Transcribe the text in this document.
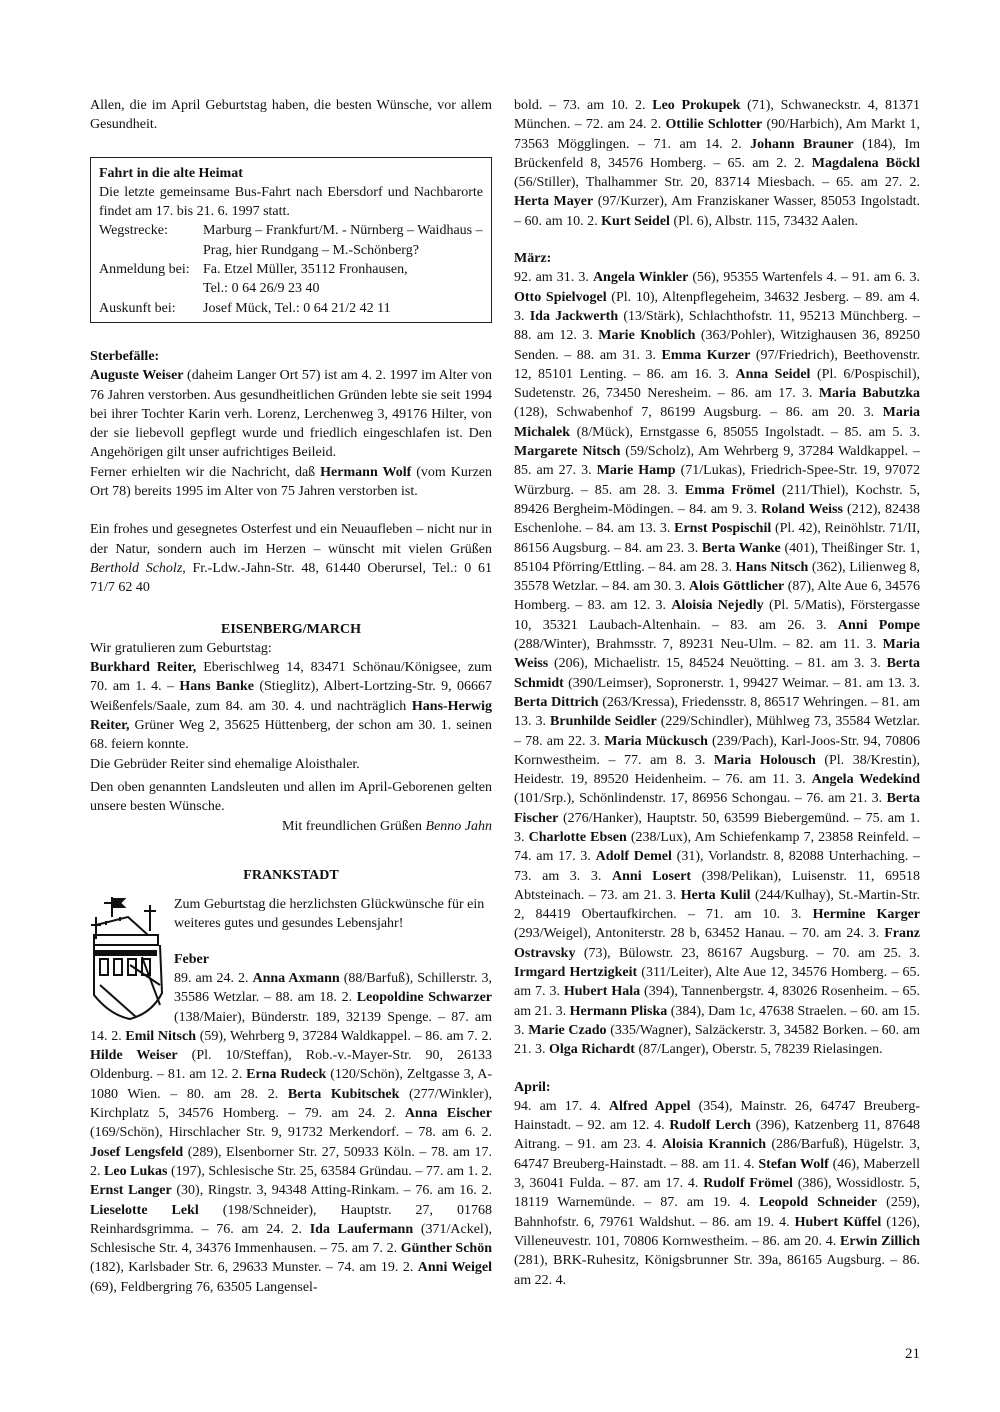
Allen, die im April Geburtstag haben, die besten Wünsche, vor allem Gesundheit.

Fahrt in die alte Heimat

Die letzte gemeinsame Bus-Fahrt nach Ebersdorf und Nachbarorte findet am 17. bis 21. 6. 1997 statt.

Wegstrecke:	Marburg – Frankfurt/M. - Nürnberg – Waidhaus – Prag, hier Rundgang – M.-Schönberg?
Anmeldung bei: Fa. Etzel Müller, 35112 Fronhausen,
Tel.: 0 64 26/9 23 40
Auskunft bei:	Josef Mück, Tel.: 0 64 21/2 42 11

Sterbefälle:

Auguste Weiser (daheim Langer Ort 57) ist am 4. 2. 1997 im Alter von 76 Jahren verstorben. Aus gesundheitlichen Gründen lebte sie seit 1994 bei ihrer Tochter Karin verh. Lorenz, Lerchenweg 3, 49176 Hilter, von der sie liebevoll gepflegt wurde und friedlich eingeschlafen ist. Den Angehörigen gilt unser aufrichtiges Beileid.

Ferner erhielten wir die Nachricht, daß Hermann Wolf (vom Kurzen Ort 78) bereits 1995 im Alter von 75 Jahren verstorben ist.

Ein frohes und gesegnetes Osterfest und ein Neuaufleben – nicht nur in der Natur, sondern auch im Herzen – wünscht mit vielen Grüßen Berthold Scholz, Fr.-Ldw.-Jahn-Str. 48, 61440 Oberursel, Tel.: 0 61 71/7 62 40

EISENBERG/MARCH

Wir gratulieren zum Geburtstag:

Burkhard Reiter, Eberischlweg 14, 83471 Schönau/Königsee, zum 70. am 1. 4. – Hans Banke (Stieglitz), Albert-Lortzing-Str. 9, 06667 Weißenfels/Saale, zum 84. am 30. 4. und nachträglich Hans-Herwig Reiter, Grüner Weg 2, 35625 Hüttenberg, der schon am 30. 1. seinen 68. feiern konnte.

Die Gebrüder Reiter sind ehemalige Aloisthaler.

Den oben genannten Landsleuten und allen im April-Geborenen gelten unsere besten Wünsche.

Mit freundlichen Grüßen Benno Jahn

FRANKSTADT

Zum Geburtstag die herzlichsten Glückwünsche für ein weiteres gutes und gesundes Lebensjahr!

Feber

89. am 24. 2. Anna Axmann (88/Barfuß), Schillerstr. 3, 35586 Wetzlar. – 88. am 18. 2. Leopoldine Schwarzer (138/Maier), Bünderstr. 189, 32139 Spenge. – 87. am 14. 2. Emil Nitsch (59), Wehrberg 9, 37284 Waldkappel. – 86. am 7. 2. Hilde Weiser (Pl. 10/Steffan), Rob.-v.-Mayer-Str. 90, 26133 Oldenburg. – 81. am 12. 2. Erna Rudeck (120/Schön), Zeltgasse 3, A-1080 Wien. – 80. am 28. 2. Berta Kubitschek (277/Winkler), Kirchplatz 5, 34576 Homberg. – 79. am 24. 2. Anna Eischer (169/Schön), Hirschlacher Str. 9, 91732 Merkendorf. – 78. am 6. 2. Josef Lengsfeld (289), Elsenborner Str. 27, 50933 Köln. – 78. am 17. 2. Leo Lukas (197), Schlesische Str. 25, 63584 Gründau. – 77. am 1. 2. Ernst Langer (30), Ringstr. 3, 94348 Atting-Rinkam. – 76. am 16. 2. Lieselotte Lekl (198/Schneider), Hauptstr. 27, 01768 Reinhardsgrimma. – 76. am 24. 2. Ida Laufermann (371/Ackel), Schlesische Str. 4, 34376 Immenhausen. – 75. am 7. 2. Günther Schön (182), Karlsbader Str. 6, 29633 Munster. – 74. am 19. 2. Anni Weigel (69), Feldbergring 76, 63505 Langensel-

bold. – 73. am 10. 2. Leo Prokupek (71), Schwaneckstr. 4, 81371 München. – 72. am 24. 2. Ottilie Schlotter (90/Harbich), Am Markt 1, 73563 Mögglingen. – 71. am 14. 2. Johann Brauner (184), Im Brückenfeld 8, 34576 Homberg. – 65. am 2. 2. Magdalena Böckl (56/Stiller), Thalhammer Str. 20, 83714 Miesbach. – 65. am 27. 2. Herta Mayer (97/Kurzer), Am Franziskaner Wasser, 85053 Ingolstadt. – 60. am 10. 2. Kurt Seidel (Pl. 6), Albstr. 115, 73432 Aalen.

März:

92. am 31. 3. Angela Winkler (56), 95355 Wartenfels 4. – 91. am 6. 3. Otto Spielvogel (Pl. 10), Altenpflegeheim, 34632 Jesberg. – 89. am 4. 3. Ida Jackwerth (13/Stärk), Schlachthofstr. 11, 95213 Münchberg. – 88. am 12. 3. Marie Knoblich (363/Pohler), Witzighausen 36, 89250 Senden. – 88. am 31. 3. Emma Kurzer (97/Friedrich), Beethovenstr. 12, 85101 Lenting. – 86. am 16. 3. Anna Seidel (Pl. 6/Pospischil), Sudetenstr. 26, 73450 Neresheim. – 86. am 17. 3. Maria Babutzka (128), Schwabenhof 7, 86199 Augsburg. – 86. am 20. 3. Maria Michalek (8/Mück), Ernstgasse 6, 85055 Ingolstadt. – 85. am 5. 3. Margarete Nitsch (59/Scholz), Am Wehrberg 9, 37284 Waldkappel. – 85. am 27. 3. Marie Hamp (71/Lukas), Friedrich-Spee-Str. 19, 97072 Würzburg. – 85. am 28. 3. Emma Frömel (211/Thiel), Kochstr. 5, 89426 Bergheim-Mödingen. – 84. am 9. 3. Roland Weiss (212), 82438 Eschenlohe. – 84. am 13. 3. Ernst Pospischil (Pl. 42), Reinöhlstr. 71/II, 86156 Augsburg. – 84. am 23. 3. Berta Wanke (401), Theißinger Str. 1, 85104 Pförring/Ettling. – 84. am 28. 3. Hans Nitsch (362), Lilienweg 8, 35578 Wetzlar. – 84. am 30. 3. Alois Göttlicher (87), Alte Aue 6, 34576 Homberg. – 83. am 12. 3. Aloisia Nejedly (Pl. 5/Matis), Förstergasse 10, 35321 Laubach-Altenhain. – 83. am 26. 3. Anni Pompe (288/Winter), Brahmsstr. 7, 89231 Neu-Ulm. – 82. am 11. 3. Maria Weiss (206), Michaelistr. 15, 84524 Neuötting. – 81. am 3. 3. Berta Schmidt (390/Leimser), Sopronerstr. 1, 99427 Weimar. – 81. am 13. 3. Berta Dittrich (263/Kressa), Friedensstr. 8, 86517 Wehringen. – 81. am 13. 3. Brunhilde Seidler (229/Schindler), Mühlweg 73, 35584 Wetzlar. – 78. am 22. 3. Maria Mückusch (239/Pach), Karl-Joos-Str. 94, 70806 Kornwestheim. – 77. am 8. 3. Maria Holousch (Pl. 38/Krestin), Heidestr. 19, 89520 Heidenheim. – 76. am 11. 3. Angela Wedekind (101/Srp.), Schönlindenstr. 17, 86956 Schongau. – 76. am 21. 3. Berta Fischer (276/Hanker), Hauptstr. 50, 63599 Biebergemünd. – 75. am 1. 3. Charlotte Ebsen (238/Lux), Am Schiefenkamp 7, 23858 Reinfeld. – 74. am 17. 3. Adolf Demel (31), Vorlandstr. 8, 82088 Unterhaching. – 73. am 3. 3. Anni Losert (398/Pelikan), Luisenstr. 11, 69518 Abtsteinach. – 73. am 21. 3. Herta Kulil (244/Kulhay), St.-Martin-Str. 2, 84419 Obertaufkirchen. – 71. am 10. 3. Hermine Karger (293/Weigel), Antoniterstr. 28 b, 63452 Hanau. – 70. am 24. 3. Franz Ostravsky (73), Bülowstr. 23, 86167 Augsburg. – 70. am 25. 3. Irmgard Hertzigkeit (311/Leiter), Alte Aue 12, 34576 Homberg. – 65. am 7. 3. Hubert Hala (394), Tannenbergstr. 4, 83026 Rosenheim. – 65. am 21. 3. Hermann Pliska (384), Dam 1c, 47638 Straelen. – 60. am 15. 3. Marie Czado (335/Wagner), Salzäckerstr. 3, 34582 Borken. – 60. am 21. 3. Olga Richardt (87/Langer), Oberstr. 5, 78239 Rielasingen.

April:

94. am 17. 4. Alfred Appel (354), Mainstr. 26, 64747 Breuberg-Hainstadt. – 92. am 12. 4. Rudolf Lerch (396), Katzenberg 11, 87648 Aitrang. – 91. am 23. 4. Aloisia Krannich (286/Barfuß), Hügelstr. 3, 64747 Breuberg-Hainstadt. – 88. am 11. 4. Stefan Wolf (46), Maberzell 3, 36041 Fulda. – 87. am 17. 4. Rudolf Frömel (386), Wossidlostr. 5, 18119 Warnemünde. – 87. am 19. 4. Leopold Schneider (259), Bahnhofstr. 6, 79761 Waldshut. – 86. am 19. 4. Hubert Küffel (126), Villeneuvestr. 101, 70806 Kornwestheim. – 86. am 20. 4. Erwin Zillich (281), BRK-Ruhesitz, Königsbrunner Str. 39a, 86165 Augsburg. – 86. am 22. 4.

21
